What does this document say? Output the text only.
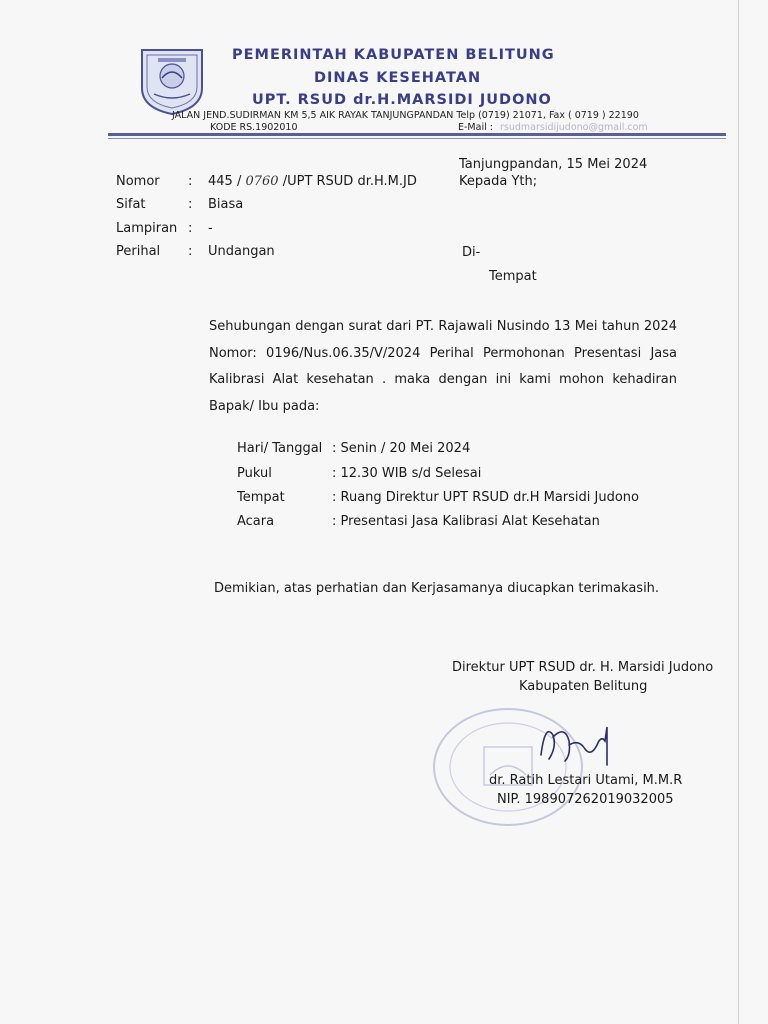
PEMERINTAH KABUPATEN BELITUNG
DINAS KESEHATAN
UPT. RSUD dr.H.MARSIDI JUDONO
JALAN JEND.SUDIRMAN KM 5,5 AIK RAYAK TANJUNGPANDAN Telp (0719) 21071, Fax ( 0719 ) 22190
KODE RS.1902010	E-Mail : rsudmarsidijudono@gmail.com
Tanjungpandan, 15 Mei 2024
Kepada Yth;
Di-
Tempat
Nomor : 445 / 0760 /UPT RSUD dr.H.M.JD
Sifat	: Biasa
Lampiran : -
Perihal : Undangan
Sehubungan dengan surat dari PT. Rajawali Nusindo 13 Mei tahun 2024 Nomor: 0196/Nus.06.35/V/2024 Perihal Permohonan Presentasi Jasa Kalibrasi Alat kesehatan . maka dengan ini kami mohon kehadiran Bapak/ Ibu pada:
Hari/ Tanggal : Senin / 20 Mei 2024
Pukul	: 12.30 WIB s/d Selesai
Tempat	: Ruang Direktur UPT RSUD dr.H Marsidi Judono
Acara	: Presentasi Jasa Kalibrasi Alat Kesehatan
Demikian, atas perhatian dan Kerjasamanya diucapkan terimakasih.
Direktur UPT RSUD dr. H. Marsidi Judono
Kabupaten Belitung
dr. Ratih Lestari Utami, M.M.R
NIP. 198907262019032005
